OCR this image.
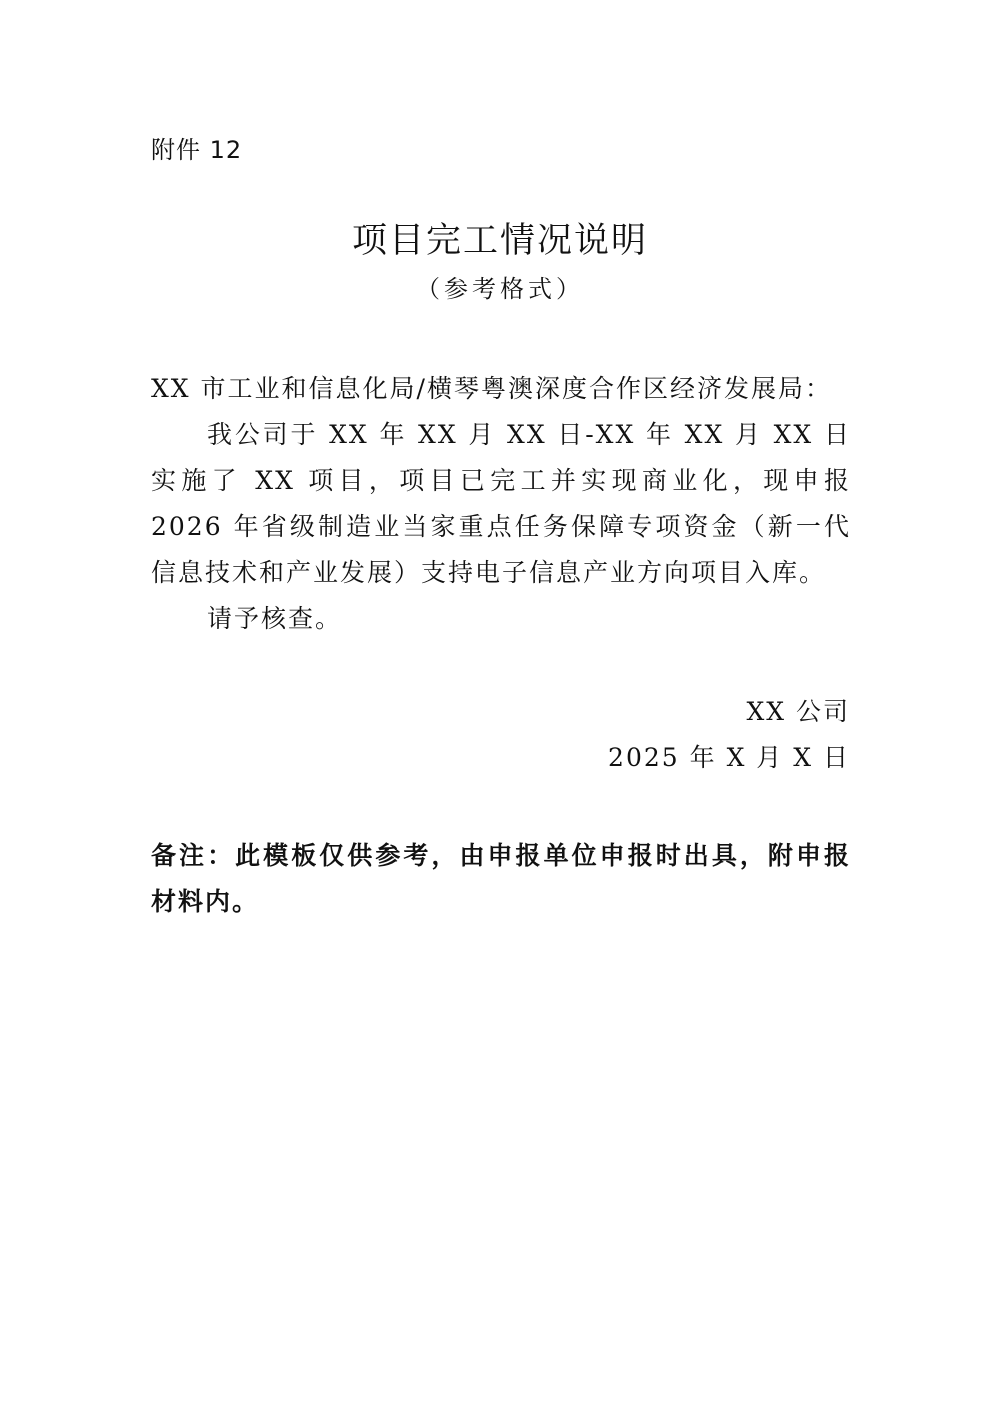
附件 12
项目完工情况说明
（参考格式）
XX 市工业和信息化局/横琴粤澳深度合作区经济发展局：
我公司于 XX 年 XX 月 XX 日-XX 年 XX 月 XX 日实施了 XX 项目，项目已完工并实现商业化，现申报 2026 年省级制造业当家重点任务保障专项资金（新一代信息技术和产业发展）支持电子信息产业方向项目入库。
请予核查。
XX 公司
2025 年 X 月 X 日
备注：此模板仅供参考，由申报单位申报时出具，附申报材料内。
